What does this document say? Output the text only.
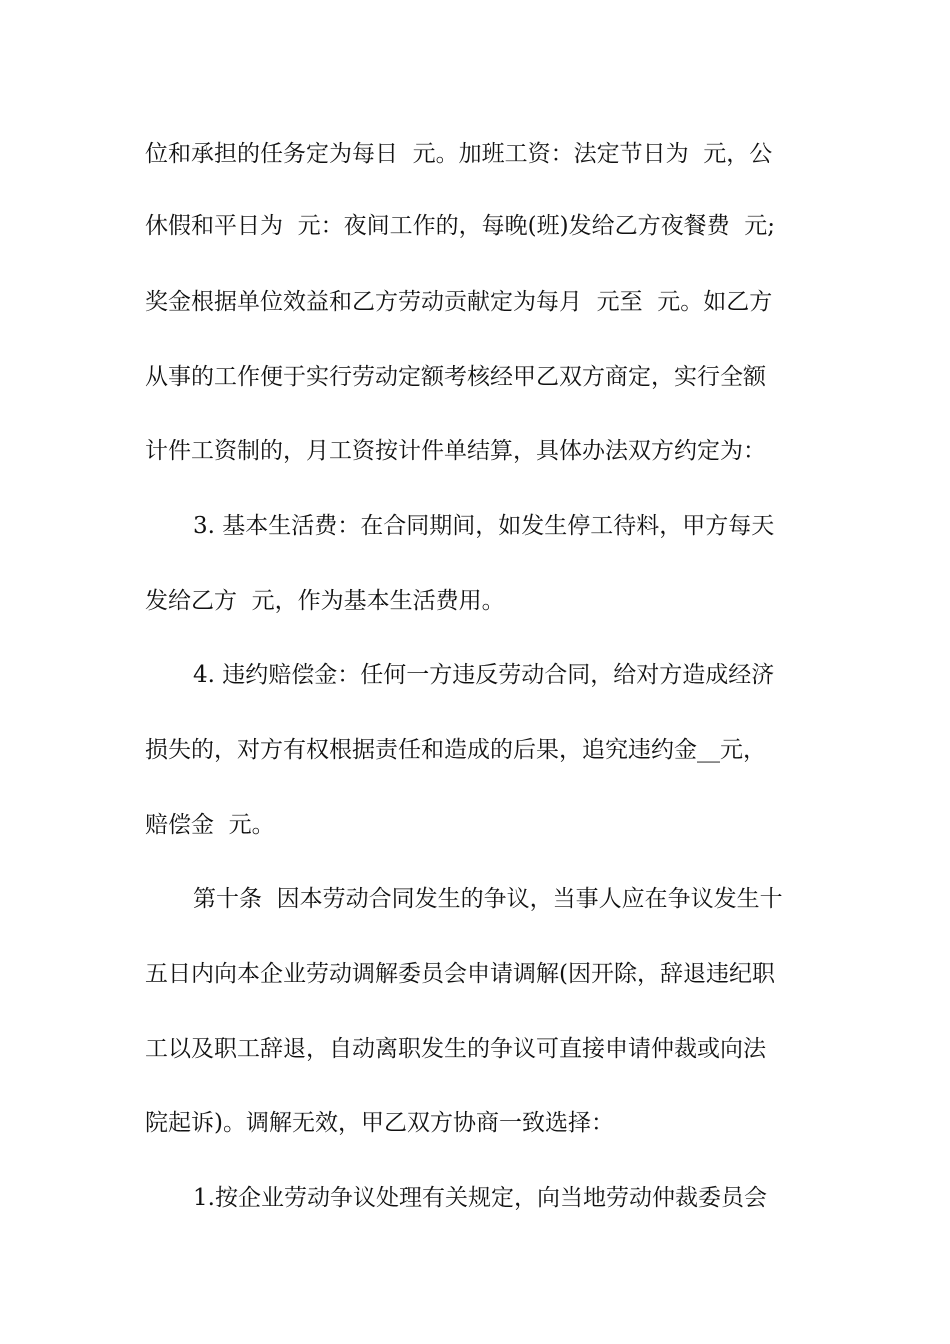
位和承担的任务定为每日  元。加班工资：法定节日为  元，公

休假和平日为  元：夜间工作的，每晚(班)发给乙方夜餐费  元;

奖金根据单位效益和乙方劳动贡献定为每月  元至  元。如乙方

从事的工作便于实行劳动定额考核经甲乙双方商定，实行全额

计件工资制的，月工资按计件单结算，具体办法双方约定为：

3. 基本生活费：在合同期间，如发生停工待料，甲方每天

发给乙方  元，作为基本生活费用。

4. 违约赔偿金：任何一方违反劳动合同，给对方造成经济

损失的，对方有权根据责任和造成的后果，追究违约金__元，

赔偿金  元。

第十条  因本劳动合同发生的争议，当事人应在争议发生十

五日内向本企业劳动调解委员会申请调解(因开除，辞退违纪职

工以及职工辞退，自动离职发生的争议可直接申请仲裁或向法

院起诉)。调解无效，甲乙双方协商一致选择：

1.按企业劳动争议处理有关规定，向当地劳动仲裁委员会
